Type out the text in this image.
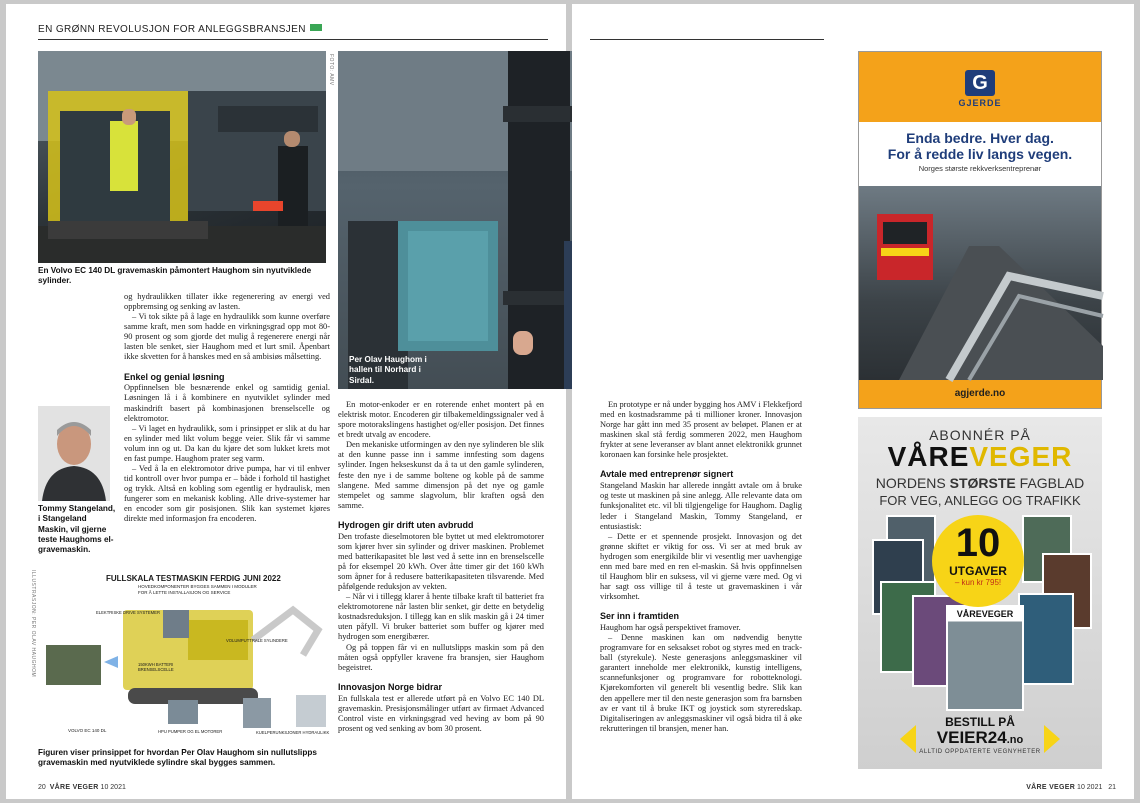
EN GRØNN REVOLUSJON FOR ANLEGGSBRANSJEN
FOTO: AMV
En Volvo EC 140 DL gravemaskin påmontert Haughom sin nyutviklede sylinder.
Per Olav Haughom i hallen til Norhard i Sirdal.

og hydraulikken tillater ikke regenerering av energi ved oppbremsing og senking av lasten.

– Vi tok sikte på å lage en hydraulikk som kunne overføre samme kraft, men som hadde en virkningsgrad opp mot 80-90 prosent og som gjorde det mulig å regenerere energi når lasten ble senket, sier Haughom med et lurt smil. Åpenbart ikke skvetten for å hanskes med en så ambisiøs målsetting.

Enkel og genial løsning

Oppfinnelsen ble besnærende enkel og samtidig genial. Løsningen lå i å kombinere en nyutviklet sylinder med maskindrift basert på kombinasjonen brenselscelle og elektromotor.

– Vi laget en hydraulikk, som i prinsippet er slik at du har en sylinder med likt volum begge veier. Slik får vi samme volum inn og ut. Da kan du kjøre det som lukket krets mot en fast pumpe. Haughom prater seg varm.

– Ved å la en elektromotor drive pumpa, har vi til enhver tid kontroll over hvor pumpa er – både i forhold til hastighet og trykk. Altså en kobling som egentlig er hydraulisk, men fungerer som en mekanisk kobling. Alle drive-systemer har en encoder som gir posisjonen. Slik kan systemet kjøres direkte med informasjon fra encoderen.

Tommy Stangeland, i Stangeland Maskin, vil gjerne teste Haughoms el-gravemaskin.
FULLSKALA TESTMASKIN FERDIG JUNI 2022
HOVEDKOMPONENTER BYGGES SAMMEN I MODULER FOR Å LETTE INSTALLASJON OG SERVICE
ELEKTRISKE DRIVE SYSTEMER
VOLUMPUTTRALE SYLINDERE
150KWH BATTERI BRENSELSCELLE
VOLVO EC 140 DL	HPU PUMPER OG EL MOTORER	KUELPERUNKSJONER HYDRAULIKK
ILLUSTRASJON: PER OLAV HAUGHOM
Figuren viser prinsippet for hvordan Per Olav Haughom sin nullutslipps gravemaskin med nyutviklede sylindre skal bygges sammen.

En motor-enkoder er en roterende enhet montert på en elektrisk motor. Encoderen gir tilbakemeldingssignaler ved å spore motorakslingens hastighet og/eller posisjon. Det finnes et bredt utvalg av encodere.

Den mekaniske utformingen av den nye sylinderen ble slik at den kunne passe inn i samme innfesting som dagens sylinder. Ingen hekseskunst da å ta ut den gamle sylinderen, feste den nye i de samme boltene og koble på de samme slangene. Med samme dimensjon på det nye og gamle stempelet og samme slagvolum, blir kraften også den samme.

Hydrogen gir drift uten avbrudd

Den trofaste dieselmotoren ble byttet ut med elektromotorer som kjører hver sin sylinder og driver maskinen. Problemet med batterikapasitet ble løst ved å sette inn en brenselscelle på for eksempel 20 kWh. Over åtte timer gir det 160 kWh som åpner for å redusere batterikapasiteten tilsvarende. Med påfølgende reduksjon av vekten.

– Når vi i tillegg klarer å hente tilbake kraft til batteriet fra elektromotorene når lasten blir senket, gir dette en betydelig kostnadsreduksjon. I tillegg kan en slik maskin gå i 24 timer uten påfyll. Vi bruker batteriet som buffer og kjører med hydrogen som energibærer.

Og på toppen får vi en nullutslipps maskin som på den måten også oppfyller kravene fra bransjen, sier Haughom begeistret.

Innovasjon Norge bidrar

En fullskala test er allerede utført på en Volvo EC 140 DL gravemaskin. Presisjonsmålinger utført av firmaet Advanced Control viste en virkningsgrad ved heving av bom på 90 prosent og ved senking av bom 30 prosent.

20 VÅRE VEGER 10 2021

En prototype er nå under bygging hos AMV i Flekkefjord med en kostnadsramme på ti millioner kroner. Innovasjon Norge har gått inn med 35 prosent av beløpet. Planen er at maskinen skal stå ferdig sommeren 2022, men Haughom frykter at sene leveranser av blant annet elektronikk grunnet koronaen kan forsinke hele prosjektet.

Avtale med entreprenør signert

Stangeland Maskin har allerede inngått avtale om å bruke og teste ut maskinen på sine anlegg. Alle relevante data om funksjonalitet etc. vil bli tilgjengelige for Haughom. Daglig leder i Stangeland Maskin, Tommy Stangeland, er entusiastisk:

– Dette er et spennende prosjekt. Innovasjon og det grønne skiftet er viktig for oss. Vi ser at med bruk av hydrogen som energikilde blir vi vesentlig mer uavhengige enn med bare med en ren el-maskin. Så hvis oppfinnelsen til Haughom blir en suksess, vil vi gjerne være med. Og vi har sagt oss villige til å teste ut gravemaskinen i vår virksomhet.

Ser inn i framtiden

Haughom har også perspektivet framover.

– Denne maskinen kan om nødvendig benytte programvare for en seksakset robot og styres med en track-ball (styrekule). Neste generasjons anleggsmaskiner vil garantert inneholde mer elektronikk, kunstig intelligens, scannefunksjoner og programvare for robotteknologi. Kjørekomforten vil generelt bli vesentlig bedre. Slik kan den appellere mer til den neste generasjon som fra barnsben av er vant til å bruke IKT og joystick som styreredskap. Digitaliseringen av anleggsmaskiner vil også bidra til å øke rekrutteringen til bransjen, mener han.

G
GJERDE
Enda bedre. Hver dag.
For å redde liv langs vegen.
Norges største rekkverksentreprenør
agjerde.no
ABONNÉR PÅ
VÅREVEGER
NORDENS STØRSTE FAGBLAD
FOR VEG, ANLEGG OG TRAFIKK
VÅREVEGER
10
UTGAVER
– kun kr 795!
BESTILL PÅ
VEIER24.no
ALLTID OPPDATERTE VEGNYHETER
VÅRE VEGER 10 2021 21
